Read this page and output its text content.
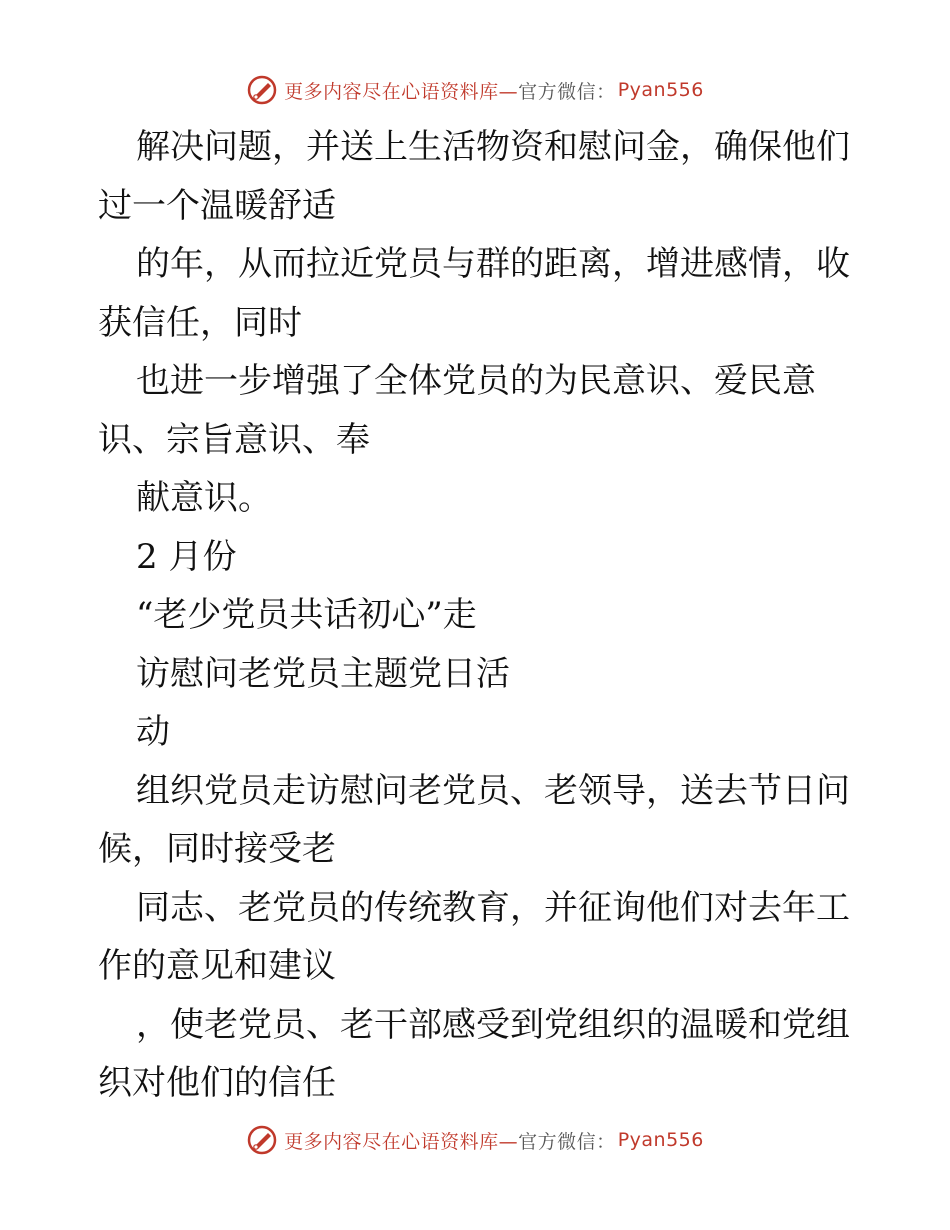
更多内容尽在心语资料库— 官方微信： Pyan556
解决问题，并送上生活物资和慰问金，确保他们
过一个温暖舒适
的年，从而拉近党员与群的距离，增进感情，收
获信任，同时
也进一步增强了全体党员的为民意识、爱民意
识、宗旨意识、奉
献意识。
2 月份
“老少党员共话初心”走
访慰问老党员主题党日活
动
组织党员走访慰问老党员、老领导，送去节日问
候，同时接受老
同志、老党员的传统教育，并征询他们对去年工
作的意见和建议
，使老党员、老干部感受到党组织的温暖和党组
织对他们的信任
更多内容尽在心语资料库— 官方微信： Pyan556
